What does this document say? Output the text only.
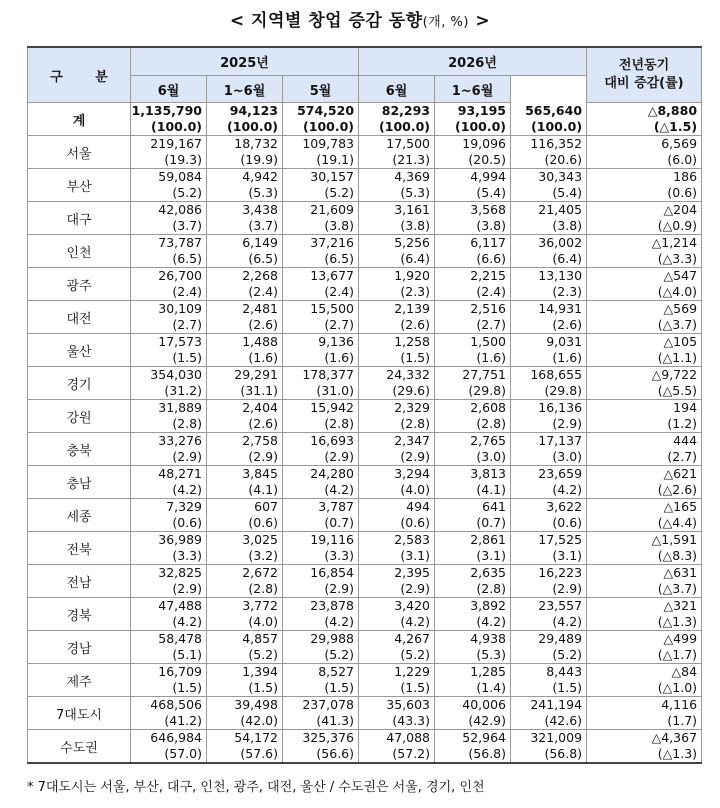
< 지역별 창업 증감 동향(개, %) >
구 분	2025년			2026년			전년동기
대비 증감(률)

	6월	1~6월	5월	6월	1~6월		
계	1,135,790
(100.0)	94,123
(100.0)	574,520
(100.0)	82,293
(100.0)	93,195
(100.0)	565,640
(100.0)	△8,880
(△1.5)

서울	219,167
(19.3)	18,732
(19.9)	109,783
(19.1)	17,500
(21.3)	19,096
(20.5)	116,352
(20.6)	6,569
(6.0)

부산	59,084
(5.2)	4,942
(5.3)	30,157
(5.2)	4,369
(5.3)	4,994
(5.4)	30,343
(5.4)	186
(0.6)

대구	42,086
(3.7)	3,438
(3.7)	21,609
(3.8)	3,161
(3.8)	3,568
(3.8)	21,405
(3.8)	△204
(△0.9)

인천	73,787
(6.5)	6,149
(6.5)	37,216
(6.5)	5,256
(6.4)	6,117
(6.6)	36,002
(6.4)	△1,214
(△3.3)

광주	26,700
(2.4)	2,268
(2.4)	13,677
(2.4)	1,920
(2.3)	2,215
(2.4)	13,130
(2.3)	△547
(△4.0)

대전	30,109
(2.7)	2,481
(2.6)	15,500
(2.7)	2,139
(2.6)	2,516
(2.7)	14,931
(2.6)	△569
(△3.7)

울산	17,573
(1.5)	1,488
(1.6)	9,136
(1.6)	1,258
(1.5)	1,500
(1.6)	9,031
(1.6)	△105
(△1.1)

경기	354,030
(31.2)	29,291
(31.1)	178,377
(31.0)	24,332
(29.6)	27,751
(29.8)	168,655
(29.8)	△9,722
(△5.5)

강원	31,889
(2.8)	2,404
(2.6)	15,942
(2.8)	2,329
(2.8)	2,608
(2.8)	16,136
(2.9)	194
(1.2)

충북	33,276
(2.9)	2,758
(2.9)	16,693
(2.9)	2,347
(2.9)	2,765
(3.0)	17,137
(3.0)	444
(2.7)

충남	48,271
(4.2)	3,845
(4.1)	24,280
(4.2)	3,294
(4.0)	3,813
(4.1)	23,659
(4.2)	△621
(△2.6)

세종	7,329
(0.6)	607
(0.6)	3,787
(0.7)	494
(0.6)	641
(0.7)	3,622
(0.6)	△165
(△4.4)

전북	36,989
(3.3)	3,025
(3.2)	19,116
(3.3)	2,583
(3.1)	2,861
(3.1)	17,525
(3.1)	△1,591
(△8.3)

전남	32,825
(2.9)	2,672
(2.8)	16,854
(2.9)	2,395
(2.9)	2,635
(2.8)	16,223
(2.9)	△631
(△3.7)

경북	47,488
(4.2)	3,772
(4.0)	23,878
(4.2)	3,420
(4.2)	3,892
(4.2)	23,557
(4.2)	△321
(△1.3)

경남	58,478
(5.1)	4,857
(5.2)	29,988
(5.2)	4,267
(5.2)	4,938
(5.3)	29,489
(5.2)	△499
(△1.7)

제주	16,709
(1.5)	1,394
(1.5)	8,527
(1.5)	1,229
(1.5)	1,285
(1.4)	8,443
(1.5)	△84
(△1.0)

7대도시	468,506
(41.2)	39,498
(42.0)	237,078
(41.3)	35,603
(43.3)	40,006
(42.9)	241,194
(42.6)	4,116
(1.7)

수도권	646,984
(57.0)	54,172
(57.6)	325,376
(56.6)	47,088
(57.2)	52,964
(56.8)	321,009
(56.8)	△4,367
(△1.3)
* 7대도시는 서울, 부산, 대구, 인천, 광주, 대전, 울산 / 수도권은 서울, 경기, 인천
